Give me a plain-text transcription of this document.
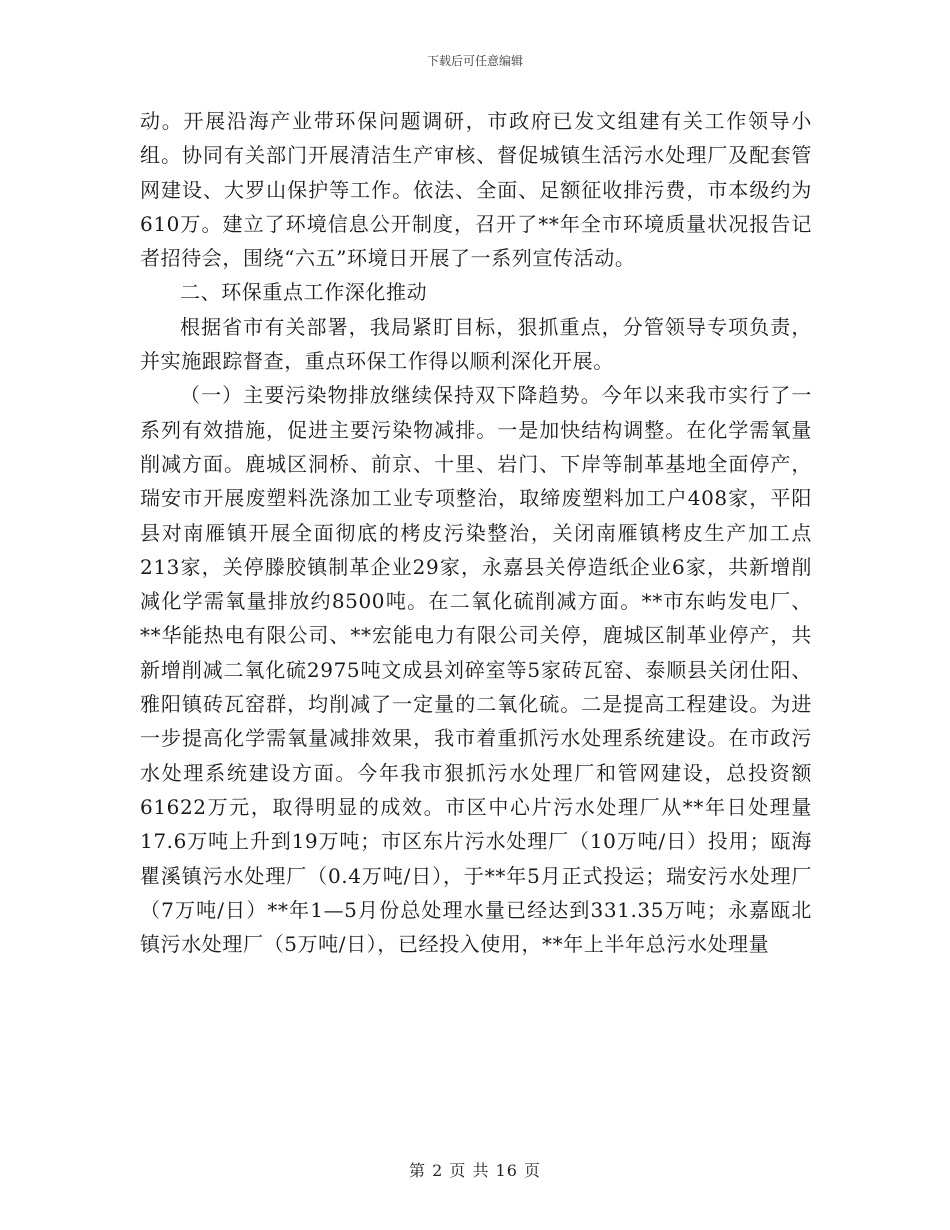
下载后可任意编辑

动。开展沿海产业带环保问题调研，市政府已发文组建有关工作领导小组。协同有关部门开展清洁生产审核、督促城镇生活污水处理厂及配套管网建设、大罗山保护等工作。依法、全面、足额征收排污费，市本级约为610万。建立了环境信息公开制度，召开了**年全市环境质量状况报告记者招待会，围绕“六五”环境日开展了一系列宣传活动。

二、环保重点工作深化推动

根据省市有关部署，我局紧盯目标，狠抓重点，分管领导专项负责，并实施跟踪督查，重点环保工作得以顺利深化开展。

（一）主要污染物排放继续保持双下降趋势。今年以来我市实行了一系列有效措施，促进主要污染物减排。一是加快结构调整。在化学需氧量削减方面。鹿城区洞桥、前京、十里、岩门、下岸等制革基地全面停产，瑞安市开展废塑料洗涤加工业专项整治，取缔废塑料加工户408家，平阳县对南雁镇开展全面彻底的栲皮污染整治，关闭南雁镇栲皮生产加工点213家，关停滕胶镇制革企业29家，永嘉县关停造纸企业6家，共新增削减化学需氧量排放约8500吨。在二氧化硫削减方面。**市东屿发电厂、**华能热电有限公司、**宏能电力有限公司关停，鹿城区制革业停产，共新增削减二氧化硫2975吨文成县刘碎室等5家砖瓦窑、泰顺县关闭仕阳、雅阳镇砖瓦窑群，均削减了一定量的二氧化硫。二是提高工程建设。为进一步提高化学需氧量减排效果，我市着重抓污水处理系统建设。在市政污水处理系统建设方面。今年我市狠抓污水处理厂和管网建设，总投资额61622万元，取得明显的成效。市区中心片污水处理厂从**年日处理量17.6万吨上升到19万吨；市区东片污水处理厂（10万吨/日）投用；瓯海瞿溪镇污水处理厂（0.4万吨/日），于**年5月正式投运；瑞安污水处理厂（7万吨/日）**年1—5月份总处理水量已经达到331.35万吨；永嘉瓯北镇污水处理厂（5万吨/日），已经投入使用，**年上半年总污水处理量

第 2 页 共 16 页
